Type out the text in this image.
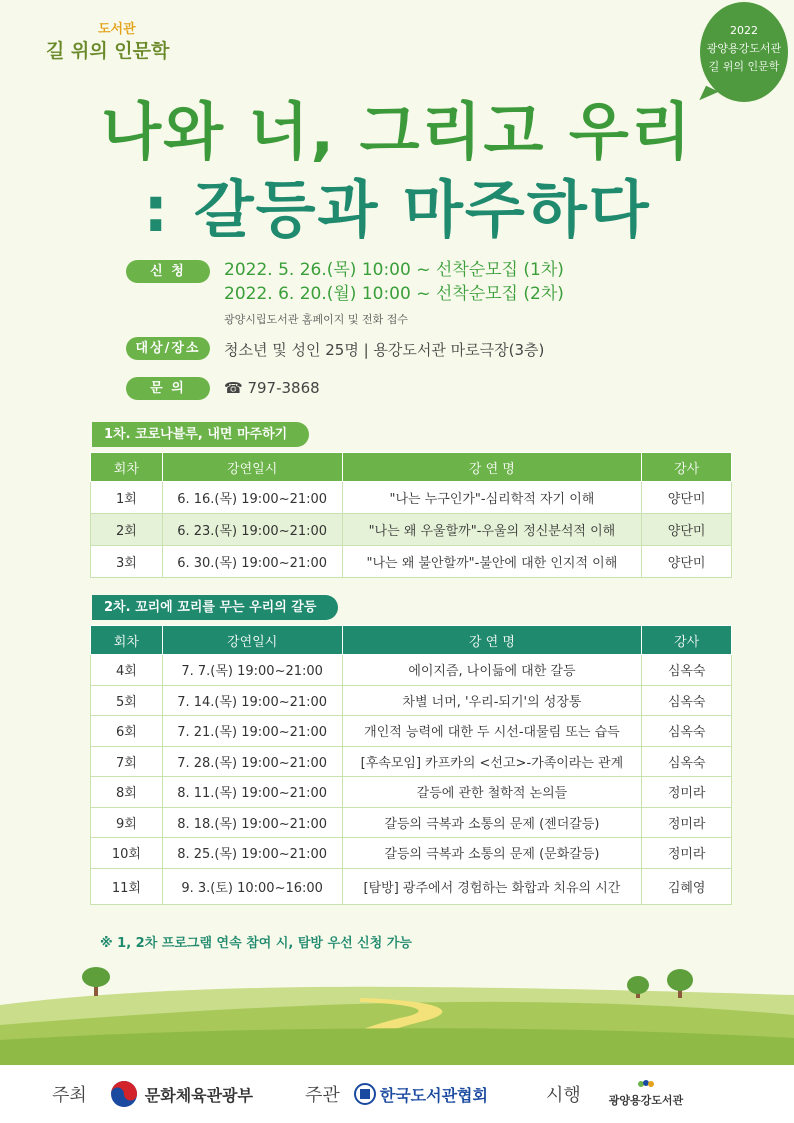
도서관
길 위의 인문학
2022
광양용강도서관
길 위의 인문학
나와 너, 그리고 우리
: 갈등과 마주하다
신 청	2022. 5. 26.(목) 10:00 ~ 선착순모집 (1차)
2022. 6. 20.(월) 10:00 ~ 선착순모집 (2차)
광양시립도서관 홈페이지 및 전화 접수
대상/장소	청소년 및 성인 25명 | 용강도서관 마로극장(3층)
문 의	☎ 797-3868
1차. 코로나블루, 내면 마주하기
회차	강연일시	강 연 명	강사
1회	6. 16.(목) 19:00~21:00	"나는 누구인가"-심리학적 자기 이해	양단미
2회	6. 23.(목) 19:00~21:00	"나는 왜 우울할까"-우울의 정신분석적 이해	양단미
3회	6. 30.(목) 19:00~21:00	"나는 왜 불안할까"-불안에 대한 인지적 이해	양단미
2차. 꼬리에 꼬리를 무는 우리의 갈등
회차	강연일시	강 연 명	강사
4회	7. 7.(목) 19:00~21:00	에이지즘, 나이듦에 대한 갈등	심옥숙
5회	7. 14.(목) 19:00~21:00	차별 너머, '우리-되기'의 성장통	심옥숙
6회	7. 21.(목) 19:00~21:00	개인적 능력에 대한 두 시선-대물림 또는 습득	심옥숙
7회	7. 28.(목) 19:00~21:00	[후속모임] 카프카의 <선고>-가족이라는 관계	심옥숙
8회	8. 11.(목) 19:00~21:00	갈등에 관한 철학적 논의들	정미라
9회	8. 18.(목) 19:00~21:00	갈등의 극복과 소통의 문제 (젠더갈등)	정미라
10회	8. 25.(목) 19:00~21:00	갈등의 극복과 소통의 문제 (문화갈등)	정미라
11회	9. 3.(토) 10:00~16:00	[탐방] 광주에서 경험하는 화합과 치유의 시간	김혜영
※ 1, 2차 프로그램 연속 참여 시, 탐방 우선 신청 가능
주최	문화체육관광부	주관	한국도서관협회	시행	광양용강도서관
